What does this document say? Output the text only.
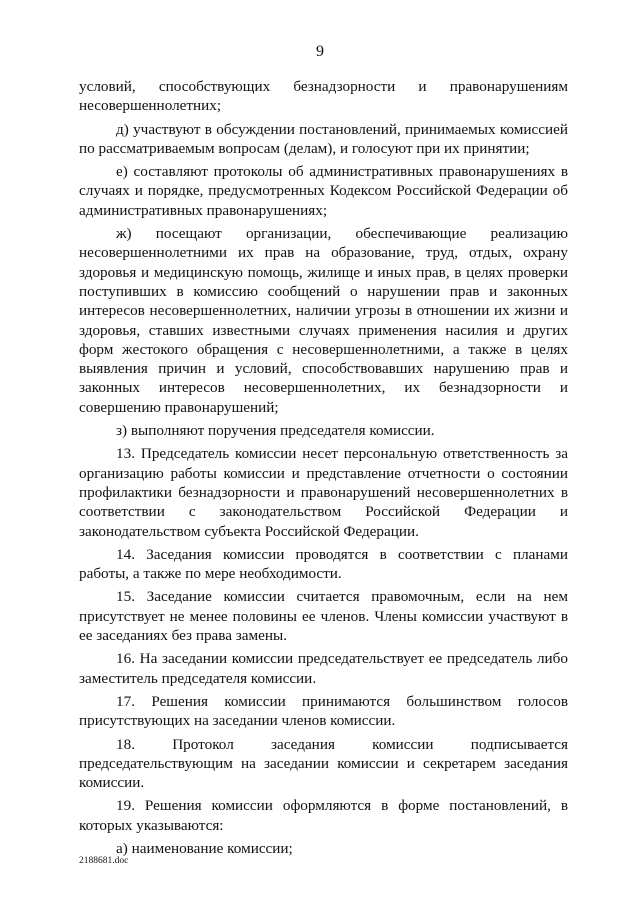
9

условий, способствующих безнадзорности и правонарушениям несовершеннолетних;

д) участвуют в обсуждении постановлений, принимаемых комиссией по рассматриваемым вопросам (делам), и голосуют при их принятии;

е) составляют протоколы об административных правонарушениях в случаях и порядке, предусмотренных Кодексом Российской Федерации об административных правонарушениях;

ж) посещают организации, обеспечивающие реализацию несовершеннолетними их прав на образование, труд, отдых, охрану здоровья и медицинскую помощь, жилище и иных прав, в целях проверки поступивших в комиссию сообщений о нарушении прав и законных интересов несовершеннолетних, наличии угрозы в отношении их жизни и здоровья, ставших известными случаях применения насилия и других форм жестокого обращения с несовершеннолетними, а также в целях выявления причин и условий, способствовавших нарушению прав и законных интересов несовершеннолетних, их безнадзорности и совершению правонарушений;

з) выполняют поручения председателя комиссии.

13. Председатель комиссии несет персональную ответственность за организацию работы комиссии и представление отчетности о состоянии профилактики безнадзорности и правонарушений несовершеннолетних в соответствии с законодательством Российской Федерации и законодательством субъекта Российской Федерации.

14. Заседания комиссии проводятся в соответствии с планами работы, а также по мере необходимости.

15. Заседание комиссии считается правомочным, если на нем присутствует не менее половины ее членов. Члены комиссии участвуют в ее заседаниях без права замены.

16. На заседании комиссии председательствует ее председатель либо заместитель председателя комиссии.

17. Решения комиссии принимаются большинством голосов присутствующих на заседании членов комиссии.

18. Протокол заседания комиссии подписывается председательствующим на заседании комиссии и секретарем заседания комиссии.

19. Решения комиссии оформляются в форме постановлений, в которых указываются:

а) наименование комиссии;

2188681.doc
